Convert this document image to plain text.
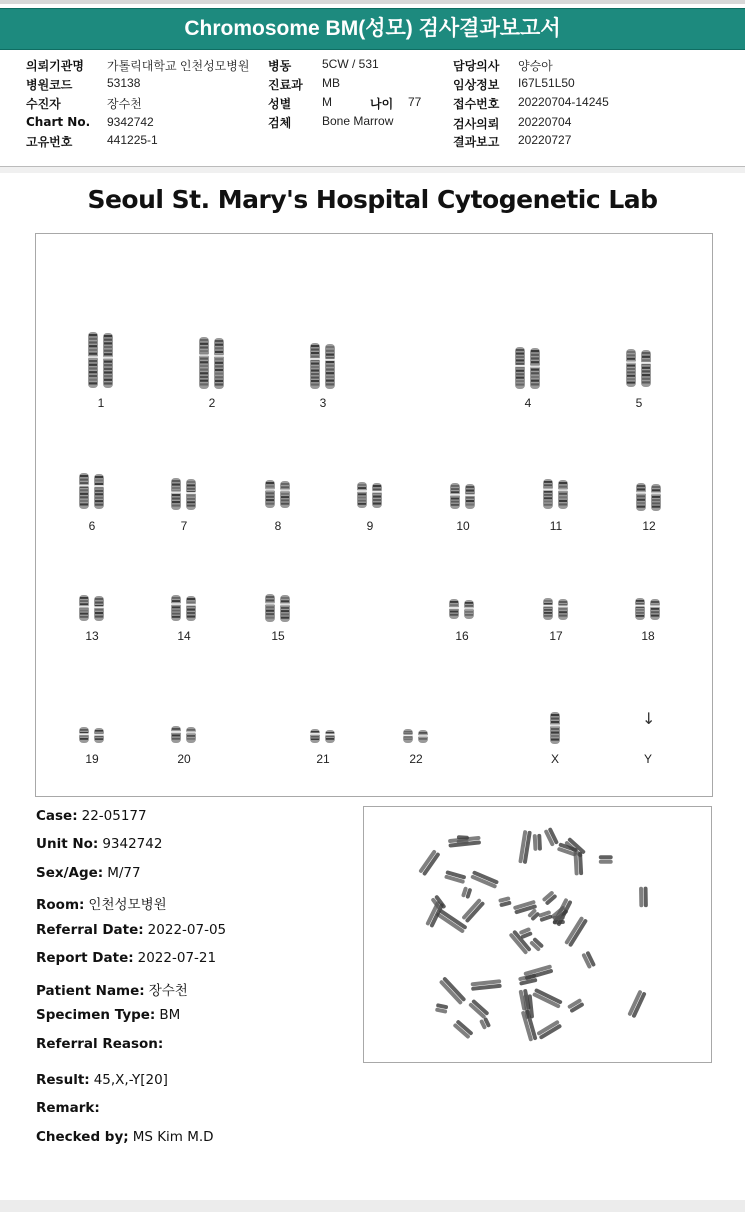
Chromosome BM(성모) 검사결과보고서
의뢰기관명 가톨릭대학교 인천성모병원
병원코드	53138
수진자	장수천
Chart No. 9342742
고유번호	441225-1
병동	5CW / 531
진료과 MB
성별	M	나이 77
검체	Bone Marrow
담당의사 양승아
임상정보 I67L51L50
접수번호 20220704-14245
검사의뢰 20220704
결과보고 20220727
Seoul St. Mary's Hospital Cytogenetic Lab
1	2	3	4	5
6	7	8	9	10	11	12
13	14	15	16	17	18
19	20	21	22	X
↓
Y
Case: 22-05177
Unit No: 9342742
Sex/Age: M/77
Room: 인천성모병원
Referral Date: 2022-07-05
Report Date: 2022-07-21
Patient Name: 장수천
Specimen Type: BM
Referral Reason:
Result: 45,X,-Y[20]
Remark:
Checked by; MS Kim M.D
